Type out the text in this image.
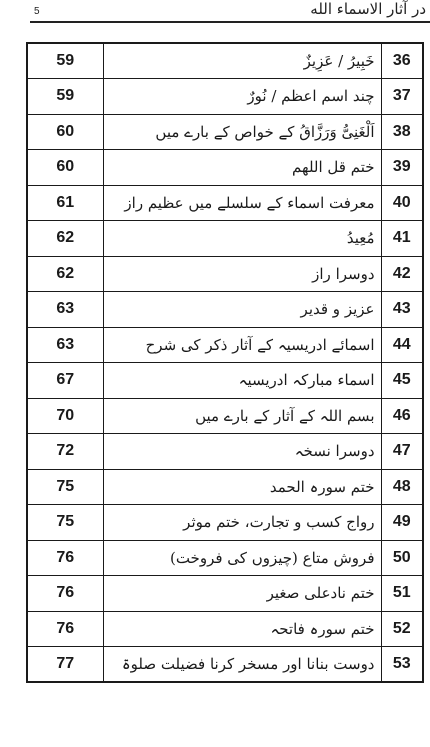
5	در آثار الاسماء الله
59	خَبِیرُ / عَزِیزٌ	36
59	چند اسم اعظم / نُورٌ	37
60	اَلْغَنِیُّ وَرَزَّاقُ کے خواص کے بارے میں	38
60	ختم قل اللهم	39
61	معرفت اسماء کے سلسلے میں عظیم راز	40
62	مُعِیدُ	41
62	دوسرا راز	42
63	عزیز و قدیر	43
63	اسمائے ادریسیہ کے آثار ذکر کی شرح	44
67	اسماء مبارکہ ادریسیہ	45
70	بسم اللہ کے آثار کے بارے میں	46
72	دوسرا نسخہ	47
75	ختم سورہ الحمد	48
75	رواج کسب و تجارت، ختم موثر	49
76	فروش متاع (چیزوں کی فروخت)	50
76	ختم نادعلی صغیر	51
76	ختم سورہ فاتحہ	52
77	دوست بنانا اور مسخر کرنا فضیلت صلوۃ	53
